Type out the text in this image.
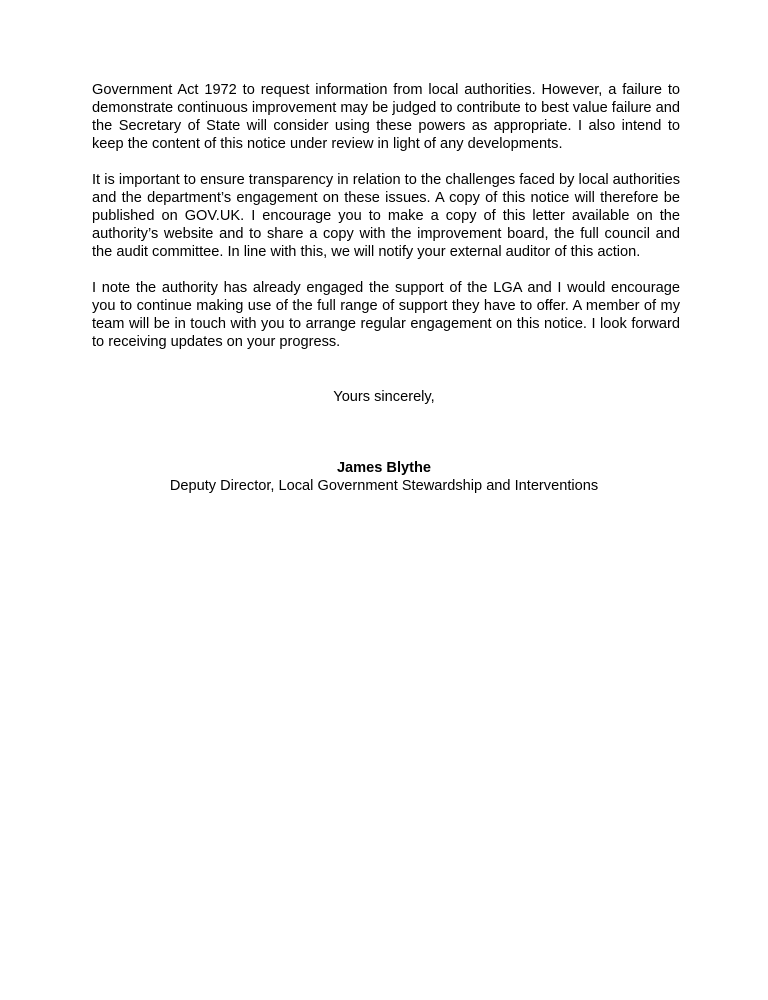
Government Act 1972 to request information from local authorities. However, a failure to demonstrate continuous improvement may be judged to contribute to best value failure and the Secretary of State will consider using these powers as appropriate. I also intend to keep the content of this notice under review in light of any developments.

It is important to ensure transparency in relation to the challenges faced by local authorities and the department’s engagement on these issues. A copy of this notice will therefore be published on GOV.UK. I encourage you to make a copy of this letter available on the authority’s website and to share a copy with the improvement board, the full council and the audit committee. In line with this, we will notify your external auditor of this action.

I note the authority has already engaged the support of the LGA and I would encourage you to continue making use of the full range of support they have to offer. A member of my team will be in touch with you to arrange regular engagement on this notice. I look forward to receiving updates on your progress.

Yours sincerely,
James Blythe
Deputy Director, Local Government Stewardship and Interventions
